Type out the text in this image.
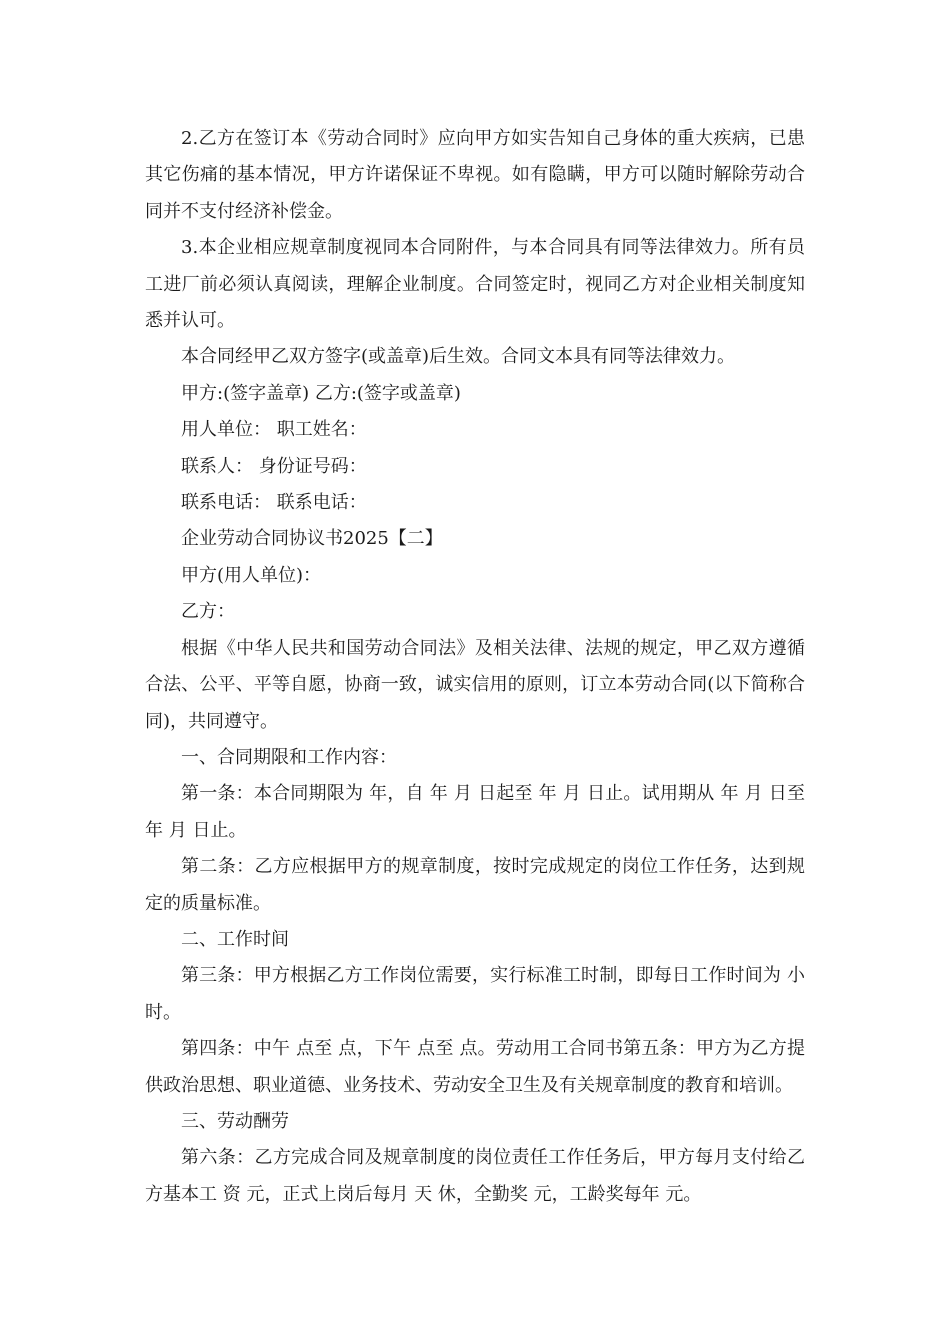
2.乙方在签订本《劳动合同时》应向甲方如实告知自己身体的重大疾病，已患其它伤痛的基本情况，甲方许诺保证不卑视。如有隐瞒，甲方可以随时解除劳动合同并不支付经济补偿金。

3.本企业相应规章制度视同本合同附件，与本合同具有同等法律效力。所有员工进厂前必须认真阅读，理解企业制度。合同签定时，视同乙方对企业相关制度知悉并认可。

本合同经甲乙双方签字(或盖章)后生效。合同文本具有同等法律效力。

甲方:(签字盖章) 乙方:(签字或盖章)

用人单位： 职工姓名：

联系人： 身份证号码：

联系电话： 联系电话：

企业劳动合同协议书2025【二】

甲方(用人单位)：

乙方：

根据《中华人民共和国劳动合同法》及相关法律、法规的规定，甲乙双方遵循合法、公平、平等自愿，协商一致，诚实信用的原则，订立本劳动合同(以下简称合同)，共同遵守。

一、合同期限和工作内容：

第一条：本合同期限为 年，自 年 月 日起至 年 月 日止。试用期从 年 月 日至 年 月 日止。

第二条：乙方应根据甲方的规章制度，按时完成规定的岗位工作任务，达到规定的质量标准。

二、工作时间

第三条：甲方根据乙方工作岗位需要，实行标准工时制，即每日工作时间为 小时。

第四条：中午 点至 点，下午 点至 点。劳动用工合同书第五条：甲方为乙方提供政治思想、职业道德、业务技术、劳动安全卫生及有关规章制度的教育和培训。

三、劳动酬劳

第六条：乙方完成合同及规章制度的岗位责任工作任务后，甲方每月支付给乙方基本工 资 元，正式上岗后每月 天 休，全勤奖 元，工龄奖每年 元。
